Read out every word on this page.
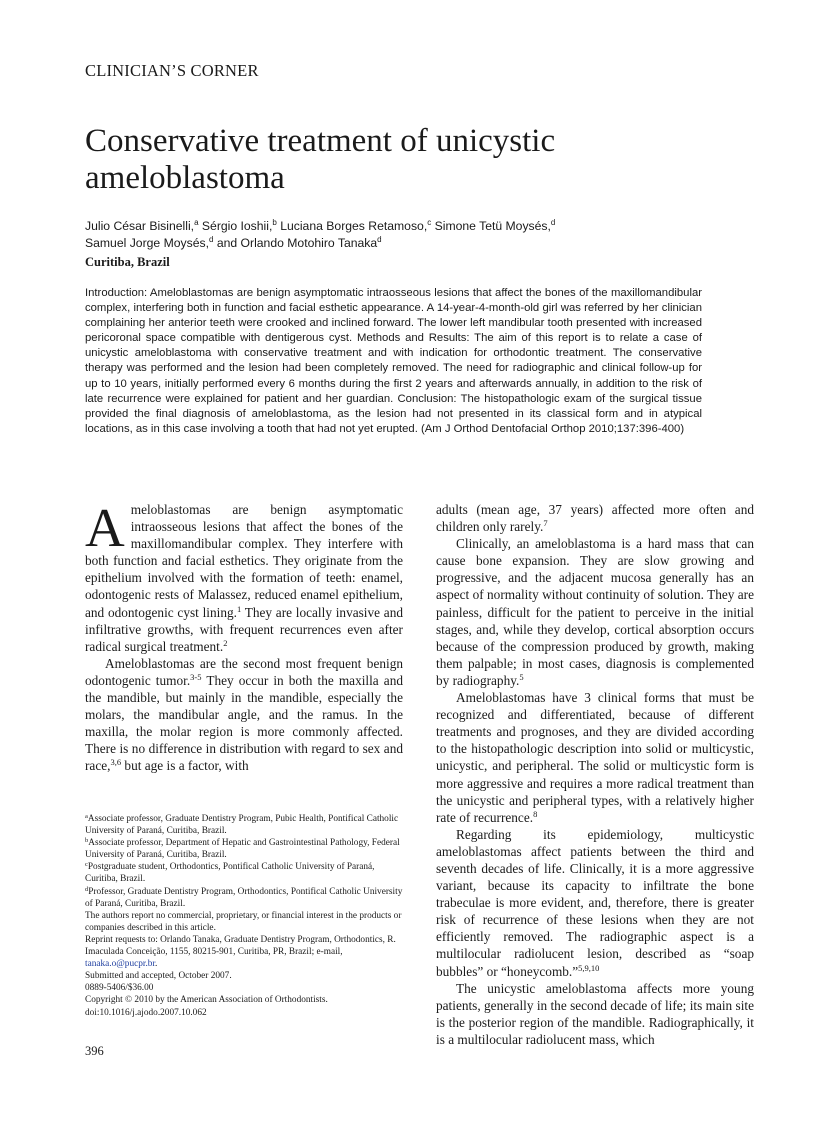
CLINICIAN’S CORNER
Conservative treatment of unicystic ameloblastoma
Julio César Bisinelli,$^a$ Sérgio Ioshii,$^b$ Luciana Borges Retamoso,$^c$ Simone Tetü Moysés,$^d$
Samuel Jorge Moysés,$^d$ and Orlando Motohiro Tanaka$^d$
Curitiba, Brazil
Introduction: Ameloblastomas are benign asymptomatic intraosseous lesions that affect the bones of the maxillomandibular complex, interfering both in function and facial esthetic appearance. A 14-year-4-month-old girl was referred by her clinician complaining her anterior teeth were crooked and inclined forward. The lower left mandibular tooth presented with increased pericoronal space compatible with dentigerous cyst. Methods and Results: The aim of this report is to relate a case of unicystic ameloblastoma with conservative treatment and with indication for orthodontic treatment. The conservative therapy was performed and the lesion had been completely removed. The need for radiographic and clinical follow-up for up to 10 years, initially performed every 6 months during the first 2 years and afterwards annually, in addition to the risk of late recurrence were explained for patient and her guardian. Conclusion: The histopathologic exam of the surgical tissue provided the final diagnosis of ameloblastoma, as the lesion had not presented in its classical form and in atypical locations, as in this case involving a tooth that had not yet erupted. (Am J Orthod Dentofacial Orthop 2010;137:396-400)

Ameloblastomas are benign asymptomatic intraosseous lesions that affect the bones of the maxillomandibular complex. They interfere with both function and facial esthetics. They originate from the epithelium involved with the formation of teeth: enamel, odontogenic rests of Malassez, reduced enamel epithelium, and odontogenic cyst lining.$^1$ They are locally invasive and infiltrative growths, with frequent recurrences even after radical surgical treatment.$^2$

Ameloblastomas are the second most frequent benign odontogenic tumor.$^{3-5}$ They occur in both the maxilla and the mandible, but mainly in the mandible, especially the molars, the mandibular angle, and the ramus. In the maxilla, the molar region is more commonly affected. There is no difference in distribution with regard to sex and race,$^{3,6}$ but age is a factor, with

adults (mean age, 37 years) affected more often and children only rarely.$^7$

Clinically, an ameloblastoma is a hard mass that can cause bone expansion. They are slow growing and progressive, and the adjacent mucosa generally has an aspect of normality without continuity of solution. They are painless, difficult for the patient to perceive in the initial stages, and, while they develop, cortical absorption occurs because of the compression produced by growth, making them palpable; in most cases, diagnosis is complemented by radiography.$^5$

Ameloblastomas have 3 clinical forms that must be recognized and differentiated, because of different treatments and prognoses, and they are divided according to the histopathologic description into solid or multicystic, unicystic, and peripheral. The solid or multicystic form is more aggressive and requires a more radical treatment than the unicystic and peripheral types, with a relatively higher rate of recurrence.$^8$

Regarding its epidemiology, multicystic ameloblastomas affect patients between the third and seventh decades of life. Clinically, it is a more aggressive variant, because its capacity to infiltrate the bone trabeculae is more evident, and, therefore, there is greater risk of recurrence of these lesions when they are not efficiently removed. The radiographic aspect is a multilocular radiolucent lesion, described as “soap bubbles” or “honeycomb.”$^{5,9,10}$

The unicystic ameloblastoma affects more young patients, generally in the second decade of life; its main site is the posterior region of the mandible. Radiographically, it is a multilocular radiolucent mass, which

$^a$Associate professor, Graduate Dentistry Program, Pubic Health, Pontifical Catholic University of Paraná, Curitiba, Brazil.
$^b$Associate professor, Department of Hepatic and Gastrointestinal Pathology, Federal University of Paraná, Curitiba, Brazil.
$^c$Postgraduate student, Orthodontics, Pontifical Catholic University of Paraná, Curitiba, Brazil.
$^d$Professor, Graduate Dentistry Program, Orthodontics, Pontifical Catholic University of Paraná, Curitiba, Brazil.
The authors report no commercial, proprietary, or financial interest in the products or companies described in this article.
Reprint requests to: Orlando Tanaka, Graduate Dentistry Program, Orthodontics, R. Imaculada Conceição, 1155, 80215-901, Curitiba, PR, Brazil; e-mail, tanaka.o@pucpr.br.
Submitted and accepted, October 2007.
0889-5406/$36.00
Copyright © 2010 by the American Association of Orthodontists.
doi:10.1016/j.ajodo.2007.10.062
396
